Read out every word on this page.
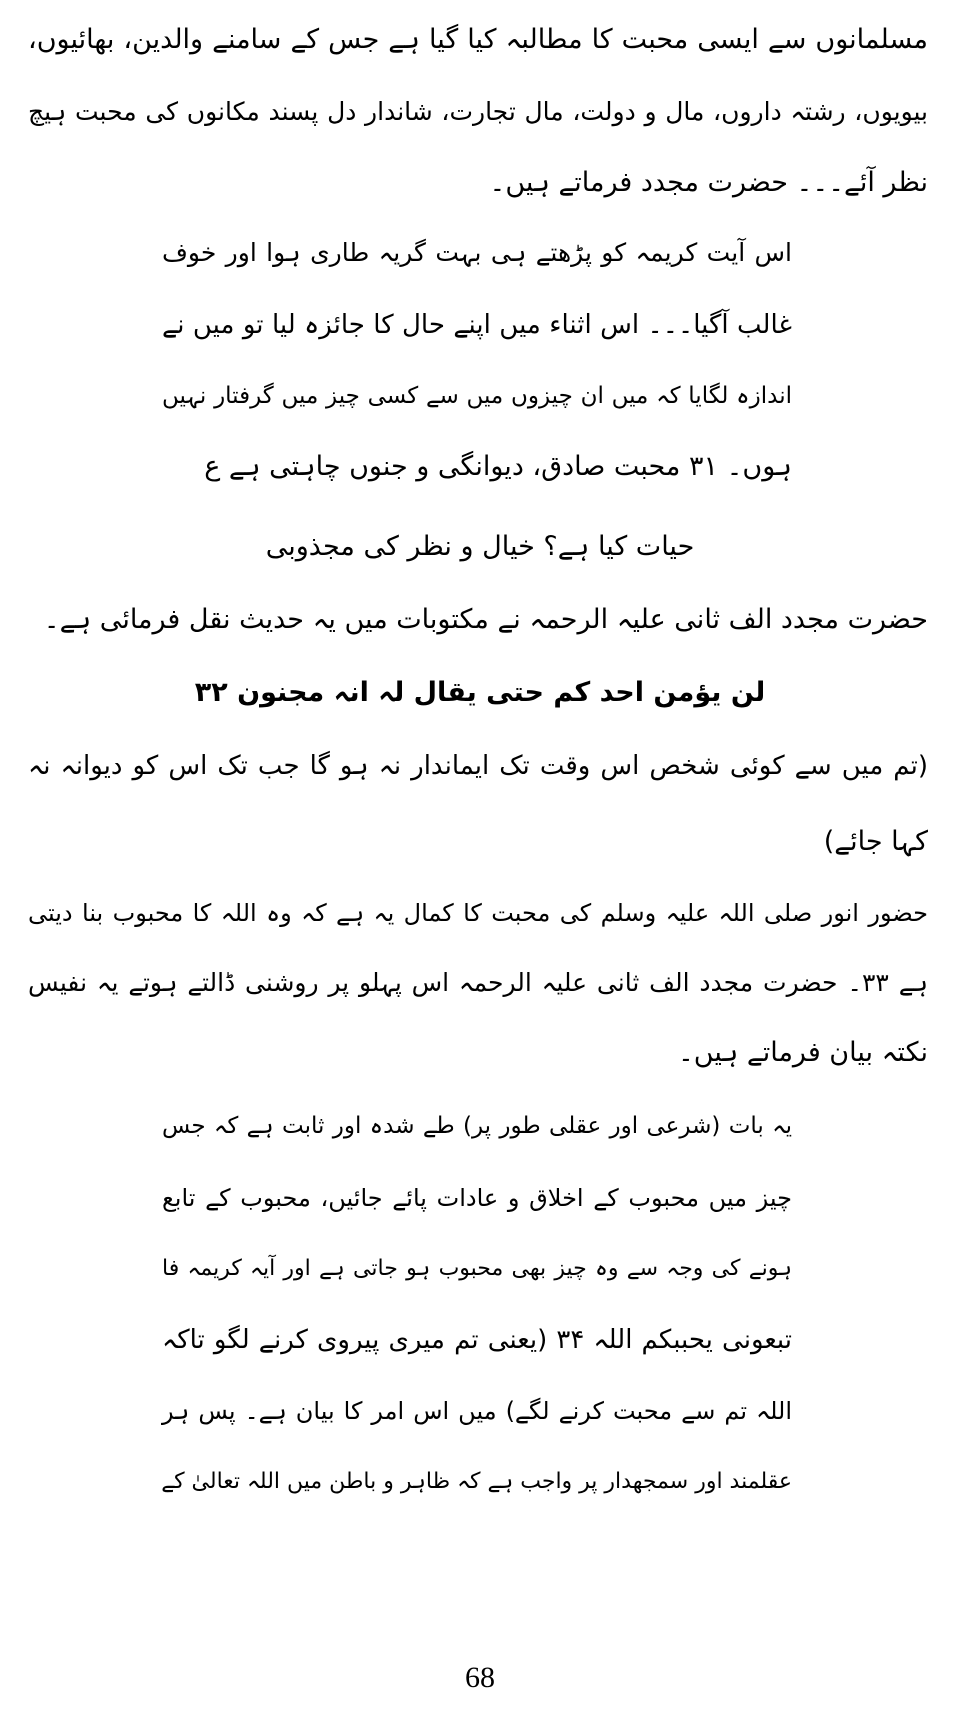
مسلمانوں سے ایسی محبت کا مطالبہ کیا گیا ہے جس کے سامنے والدین، بھائیوں،
بیویوں، رشتہ داروں، مال و دولت، مال تجارت، شاندار دل پسند مکانوں کی محبت ہیچ
نظر آئے۔۔۔ حضرت مجدد فرماتے ہیں۔
اس آیت کریمہ کو پڑھتے ہی بہت گریہ طاری ہوا اور خوف
غالب آگیا۔۔۔ اس اثناء میں اپنے حال کا جائزہ لیا تو میں نے
اندازہ لگایا کہ میں ان چیزوں میں سے کسی چیز میں گرفتار نہیں
ہوں۔ ۳۱ محبت صادق، دیوانگی و جنوں چاہتی ہے ع
حیات کیا ہے؟ خیال و نظر کی مجذوبی
حضرت مجدد الف ثانی علیہ الرحمہ نے مکتوبات میں یہ حدیث نقل فرمائی ہے۔
لن یؤمن احد کم حتی یقال لہ انہ مجنون ۳۲
(تم میں سے کوئی شخص اس وقت تک ایماندار نہ ہو گا جب تک اس کو دیوانہ نہ
کہا جائے)
حضور انور صلی اللہ علیہ وسلم کی محبت کا کمال یہ ہے کہ وہ اللہ کا محبوب بنا دیتی
ہے ۳۳۔ حضرت مجدد الف ثانی علیہ الرحمہ اس پہلو پر روشنی ڈالتے ہوتے یہ نفیس
نکتہ بیان فرماتے ہیں۔
یہ بات (شرعی اور عقلی طور پر) طے شدہ اور ثابت ہے کہ جس
چیز میں محبوب کے اخلاق و عادات پائے جائیں، محبوب کے تابع
ہونے کی وجہ سے وہ چیز بھی محبوب ہو جاتی ہے اور آیہ کریمہ فا
تبعونی یحببکم اللہ ۳۴ (یعنی تم میری پیروی کرنے لگو تاکہ
اللہ تم سے محبت کرنے لگے) میں اس امر کا بیان ہے۔ پس ہر
عقلمند اور سمجھدار پر واجب ہے کہ ظاہر و باطن میں اللہ تعالیٰ کے
68
